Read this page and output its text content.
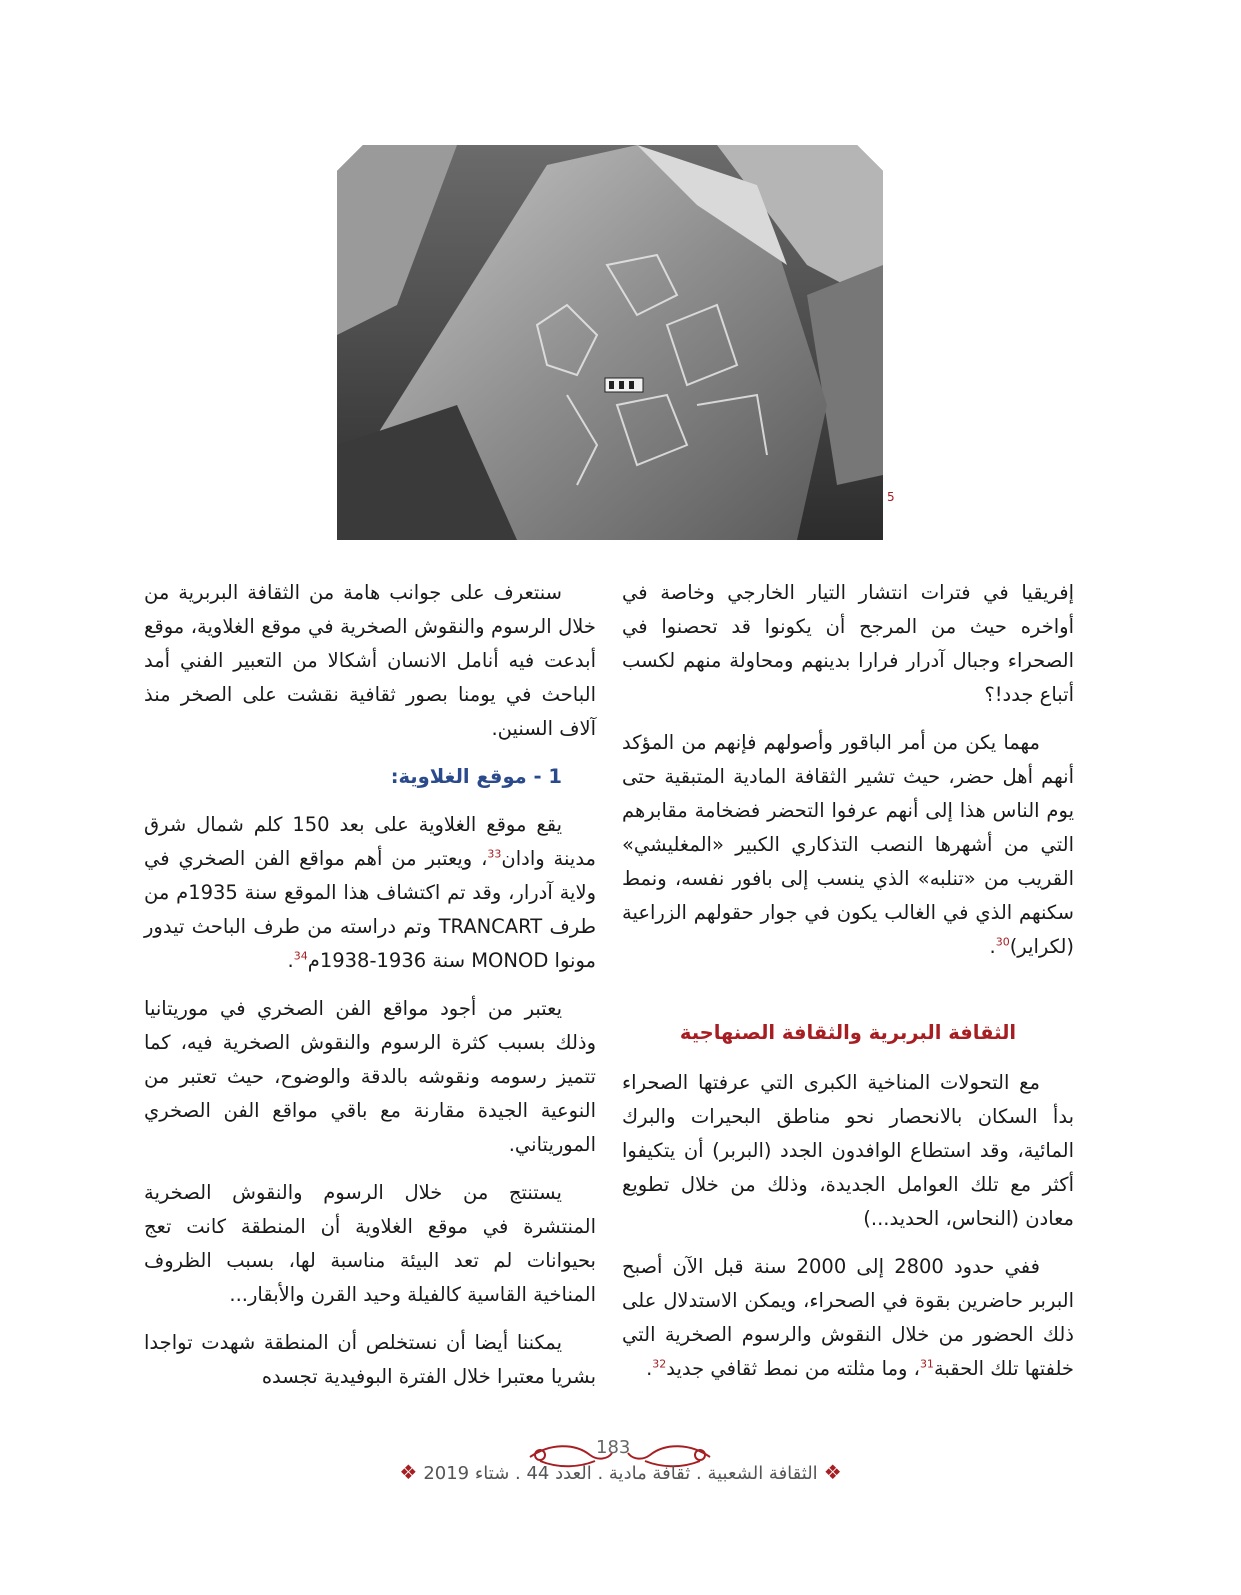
5

إفريقيا في فترات انتشار التيار الخارجي وخاصة في أواخره حيث من المرجح أن يكونوا قد تحصنوا في الصحراء وجبال آدرار فرارا بدينهم ومحاولة منهم لكسب أتباع جدد!؟

مهما يكن من أمر الباقور وأصولهم فإنهم من المؤكد أنهم أهل حضر، حيث تشير الثقافة المادية المتبقية حتى يوم الناس هذا إلى أنهم عرفوا التحضر فضخامة مقابرهم التي من أشهرها النصب التذكاري الكبير «المغليشي» القريب من «تنلبه» الذي ينسب إلى بافور نفسه، ونمط سكنهم الذي في الغالب يكون في جوار حقولهم الزراعية (لكراير)$^{30}$.

الثقافة البربرية والثقافة الصنهاجية

مع التحولات المناخية الكبرى التي عرفتها الصحراء بدأ السكان بالانحصار نحو مناطق البحيرات والبرك المائية، وقد استطاع الوافدون الجدد (البربر) أن يتكيفوا أكثر مع تلك العوامل الجديدة، وذلك من خلال تطويع معادن (النحاس، الحديد...)

ففي حدود 2800 إلى 2000 سنة قبل الآن أصبح البربر حاضرين بقوة في الصحراء، ويمكن الاستدلال على ذلك الحضور من خلال النقوش والرسوم الصخرية التي خلفتها تلك الحقبة$^{31}$، وما مثلته من نمط ثقافي جديد$^{32}$.

سنتعرف على جوانب هامة من الثقافة البربرية من خلال الرسوم والنقوش الصخرية في موقع الغلاوية، موقع أبدعت فيه أنامل الانسان أشكالا من التعبير الفني أمد الباحث في يومنا بصور ثقافية نقشت على الصخر منذ آلاف السنين.

1 - موقع الغلاوية:

يقع موقع الغلاوية على بعد 150 كلم شمال شرق مدينة وادان$^{33}$، ويعتبر من أهم مواقع الفن الصخري في ولاية آدرار، وقد تم اكتشاف هذا الموقع سنة 1935م من طرف TRANCART وتم دراسته من طرف الباحث تيدور مونوا MONOD سنة 1936-1938م$^{34}$.

يعتبر من أجود مواقع الفن الصخري في موريتانيا وذلك بسبب كثرة الرسوم والنقوش الصخرية فيه، كما تتميز رسومه ونقوشه بالدقة والوضوح، حيث تعتبر من النوعية الجيدة مقارنة مع باقي مواقع الفن الصخري الموريتاني.

يستنتج من خلال الرسوم والنقوش الصخرية المنتشرة في موقع الغلاوية أن المنطقة كانت تعج بحيوانات لم تعد البيئة مناسبة لها، بسبب الظروف المناخية القاسية كالفيلة وحيد القرن والأبقار...

يمكننا أيضا أن نستخلص أن المنطقة شهدت تواجدا بشريا معتبرا خلال الفترة البوفيدية تجسده

183
❖الثقافة الشعبية . ثقافة مادية . العدد 44 . شتاء 2019❖
